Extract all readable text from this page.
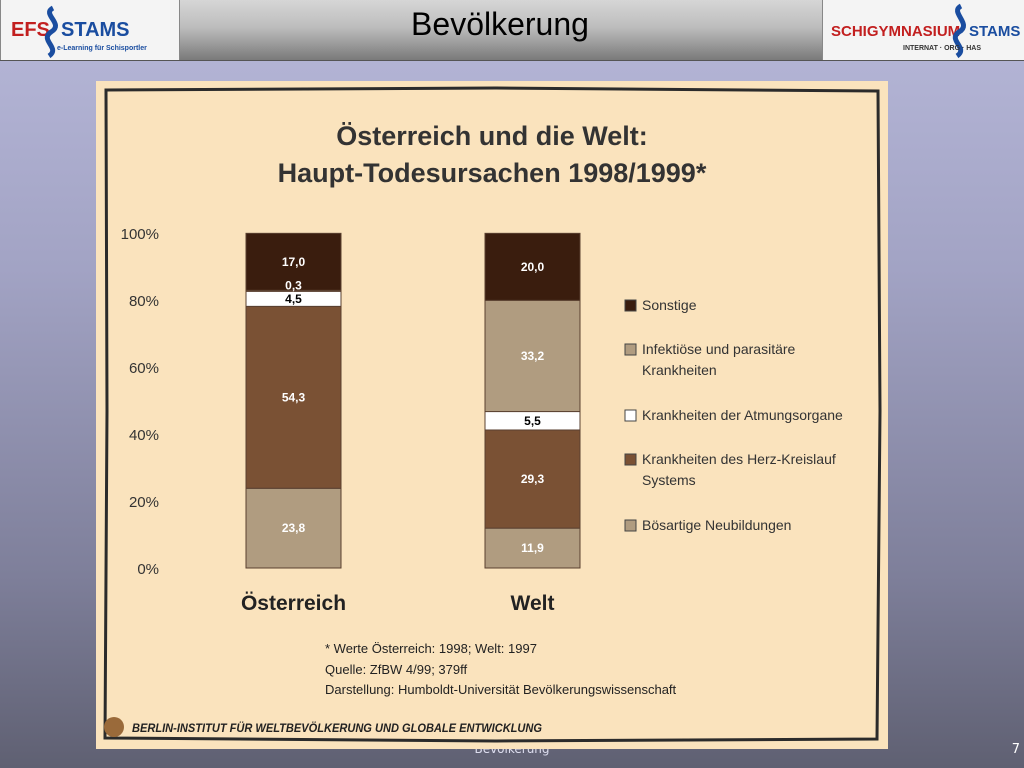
EFS STAMS
e-Learning für Schisportler
Bevölkerung	SCHIGYMNASIUM STAMS
INTERNAT · ORG · HAS
7
Österreich und die Welt:
Haupt-Todesursachen 1998/1999*
0%
20%
40%
60%
80%
100%
23,8
54,3
4,5
0,3
17,0
11,9
29,3
5,5
33,2
20,0
Österreich	Welt
Sonstige
Infektiöse und parasitäre
Krankheiten
Krankheiten der Atmungsorgane
Krankheiten des Herz-Kreislauf
Systems
Bösartige Neubildungen
* Werte Österreich: 1998; Welt: 1997
Quelle: ZfBW 4/99; 379ff
Darstellung: Humboldt-Universität Bevölkerungswissenschaft
BERLIN-INSTITUT FÜR WELTBEVÖLKERUNG UND GLOBALE ENTWICKLUNG
